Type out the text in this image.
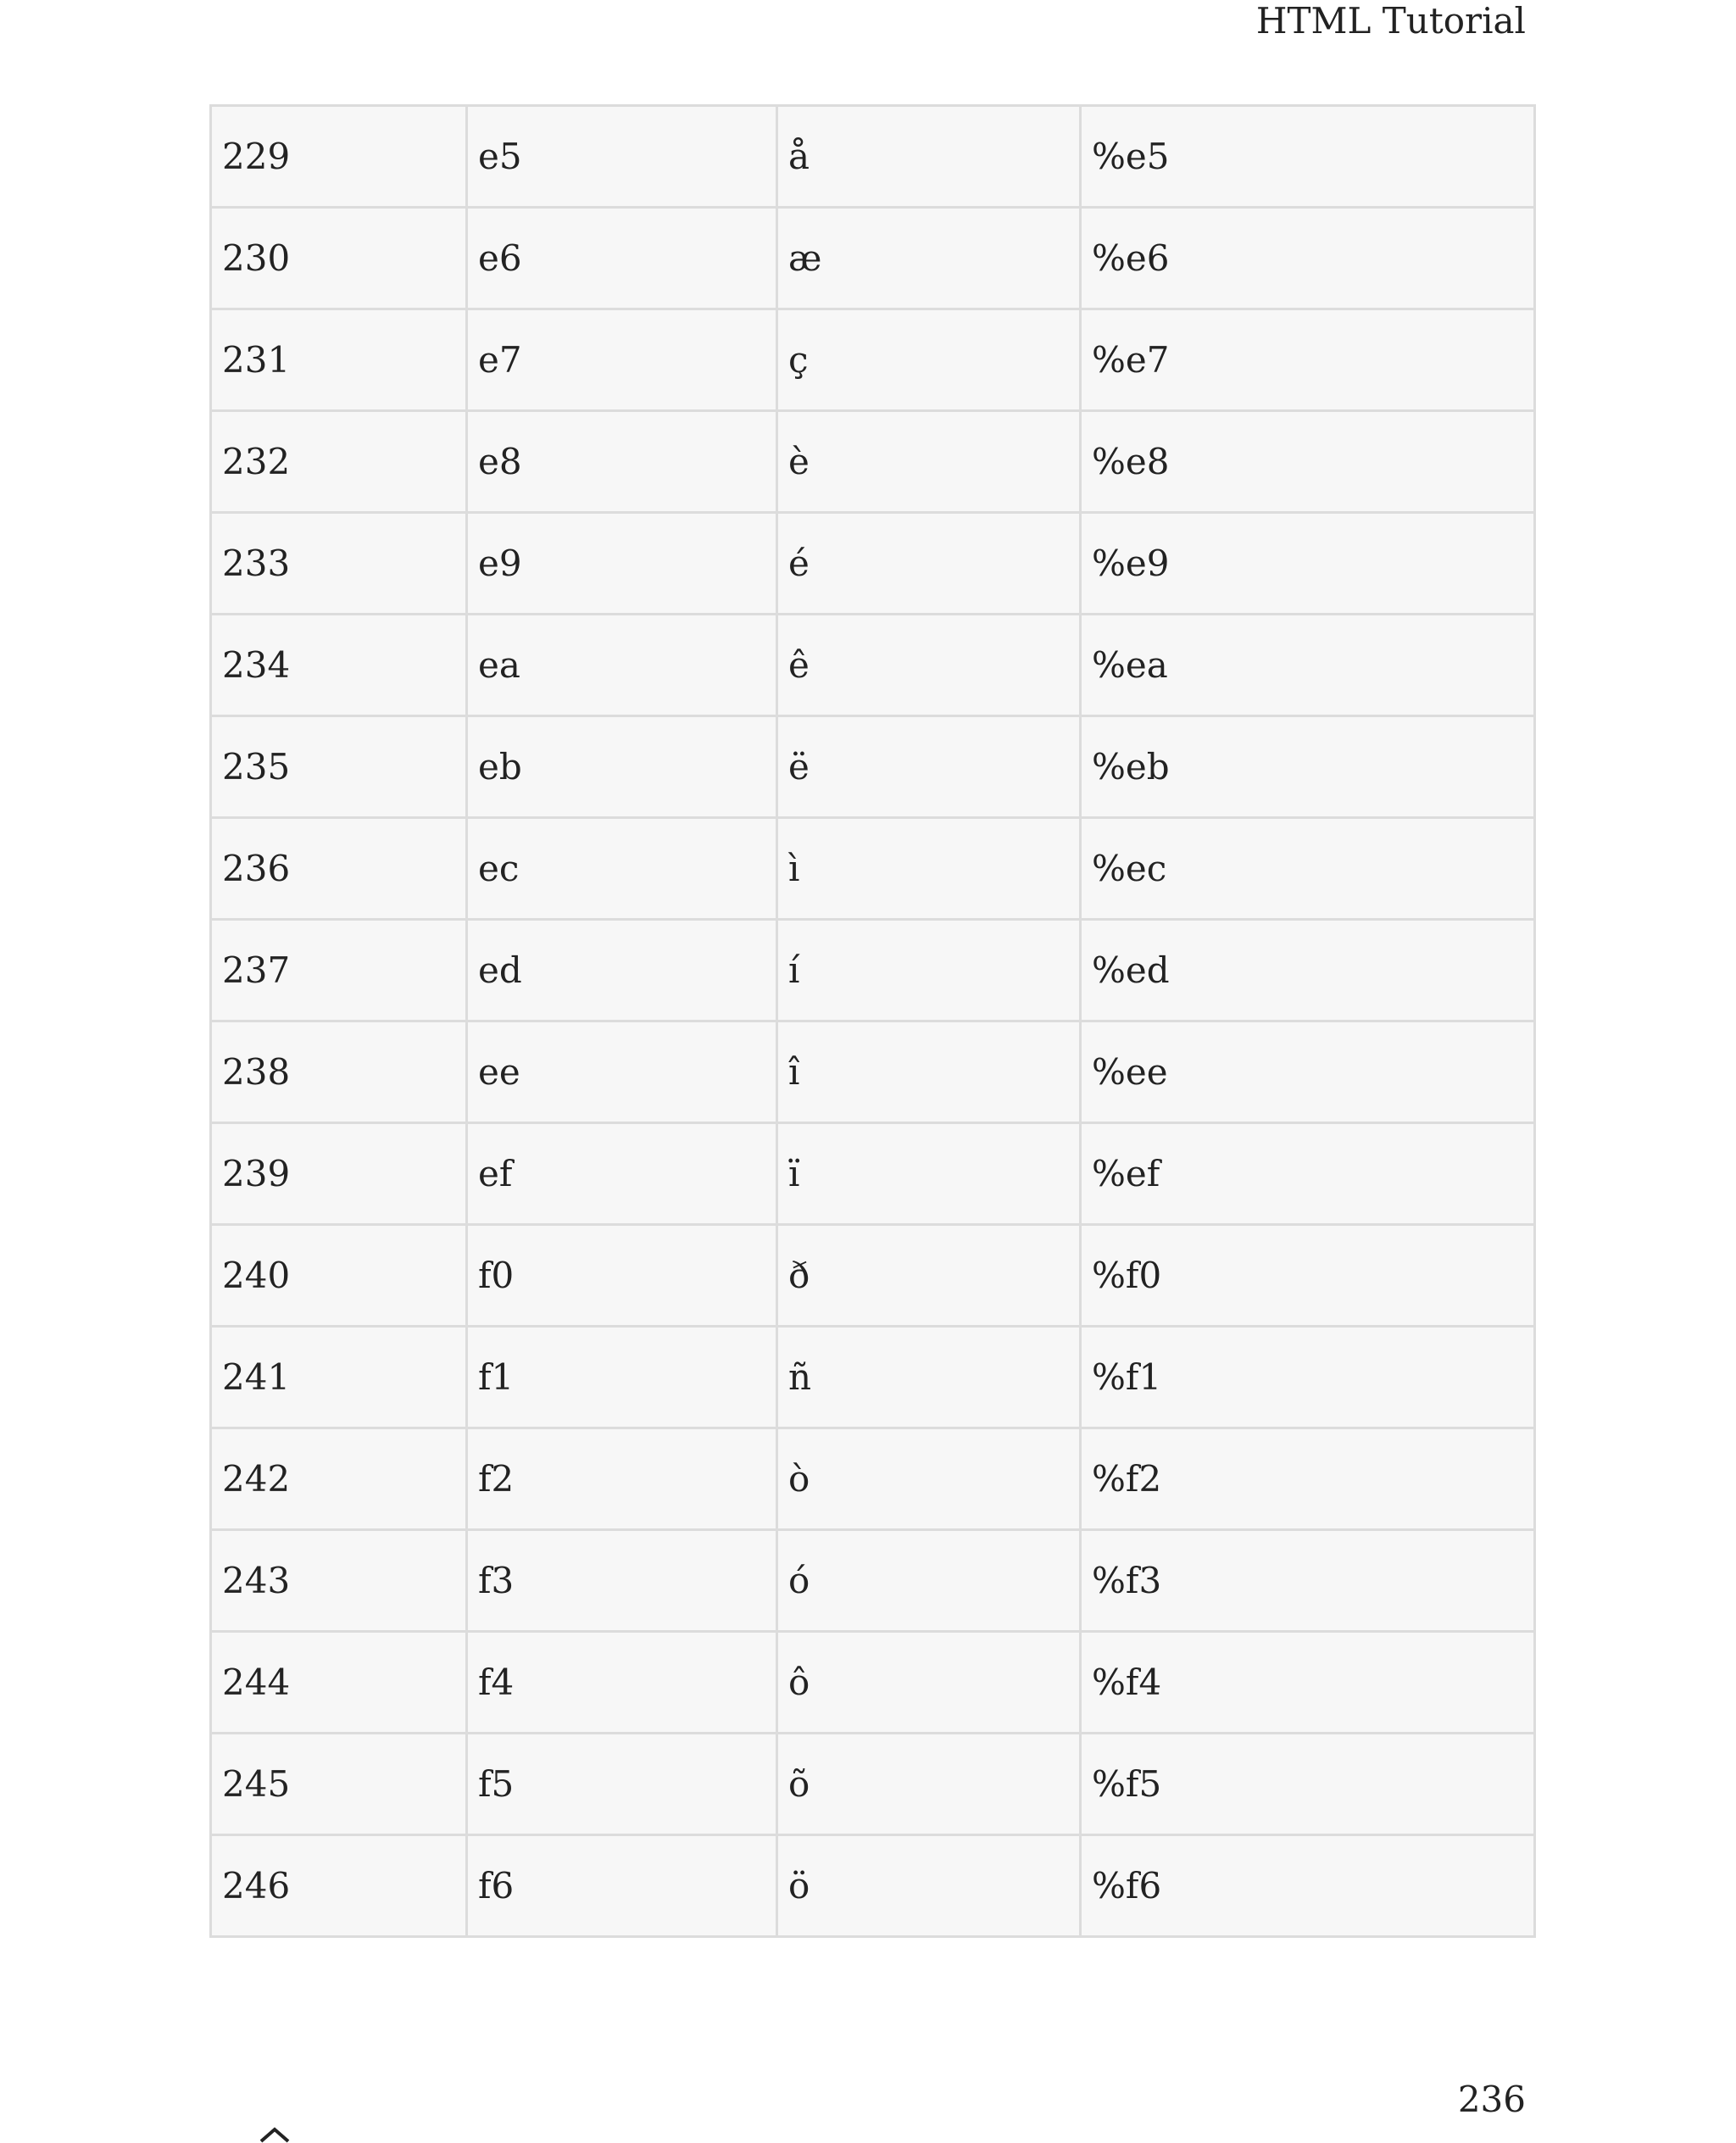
HTML Tutorial
229	e5	å	%e5
230	e6	æ	%e6
231	e7	ç	%e7
232	e8	è	%e8
233	e9	é	%e9
234	ea	ê	%ea
235	eb	ë	%eb
236	ec	ì	%ec
237	ed	í	%ed
238	ee	î	%ee
239	ef	ï	%ef
240	f0	ð	%f0
241	f1	ñ	%f1
242	f2	ò	%f2
243	f3	ó	%f3
244	f4	ô	%f4
245	f5	õ	%f5
246	f6	ö	%f6
236
